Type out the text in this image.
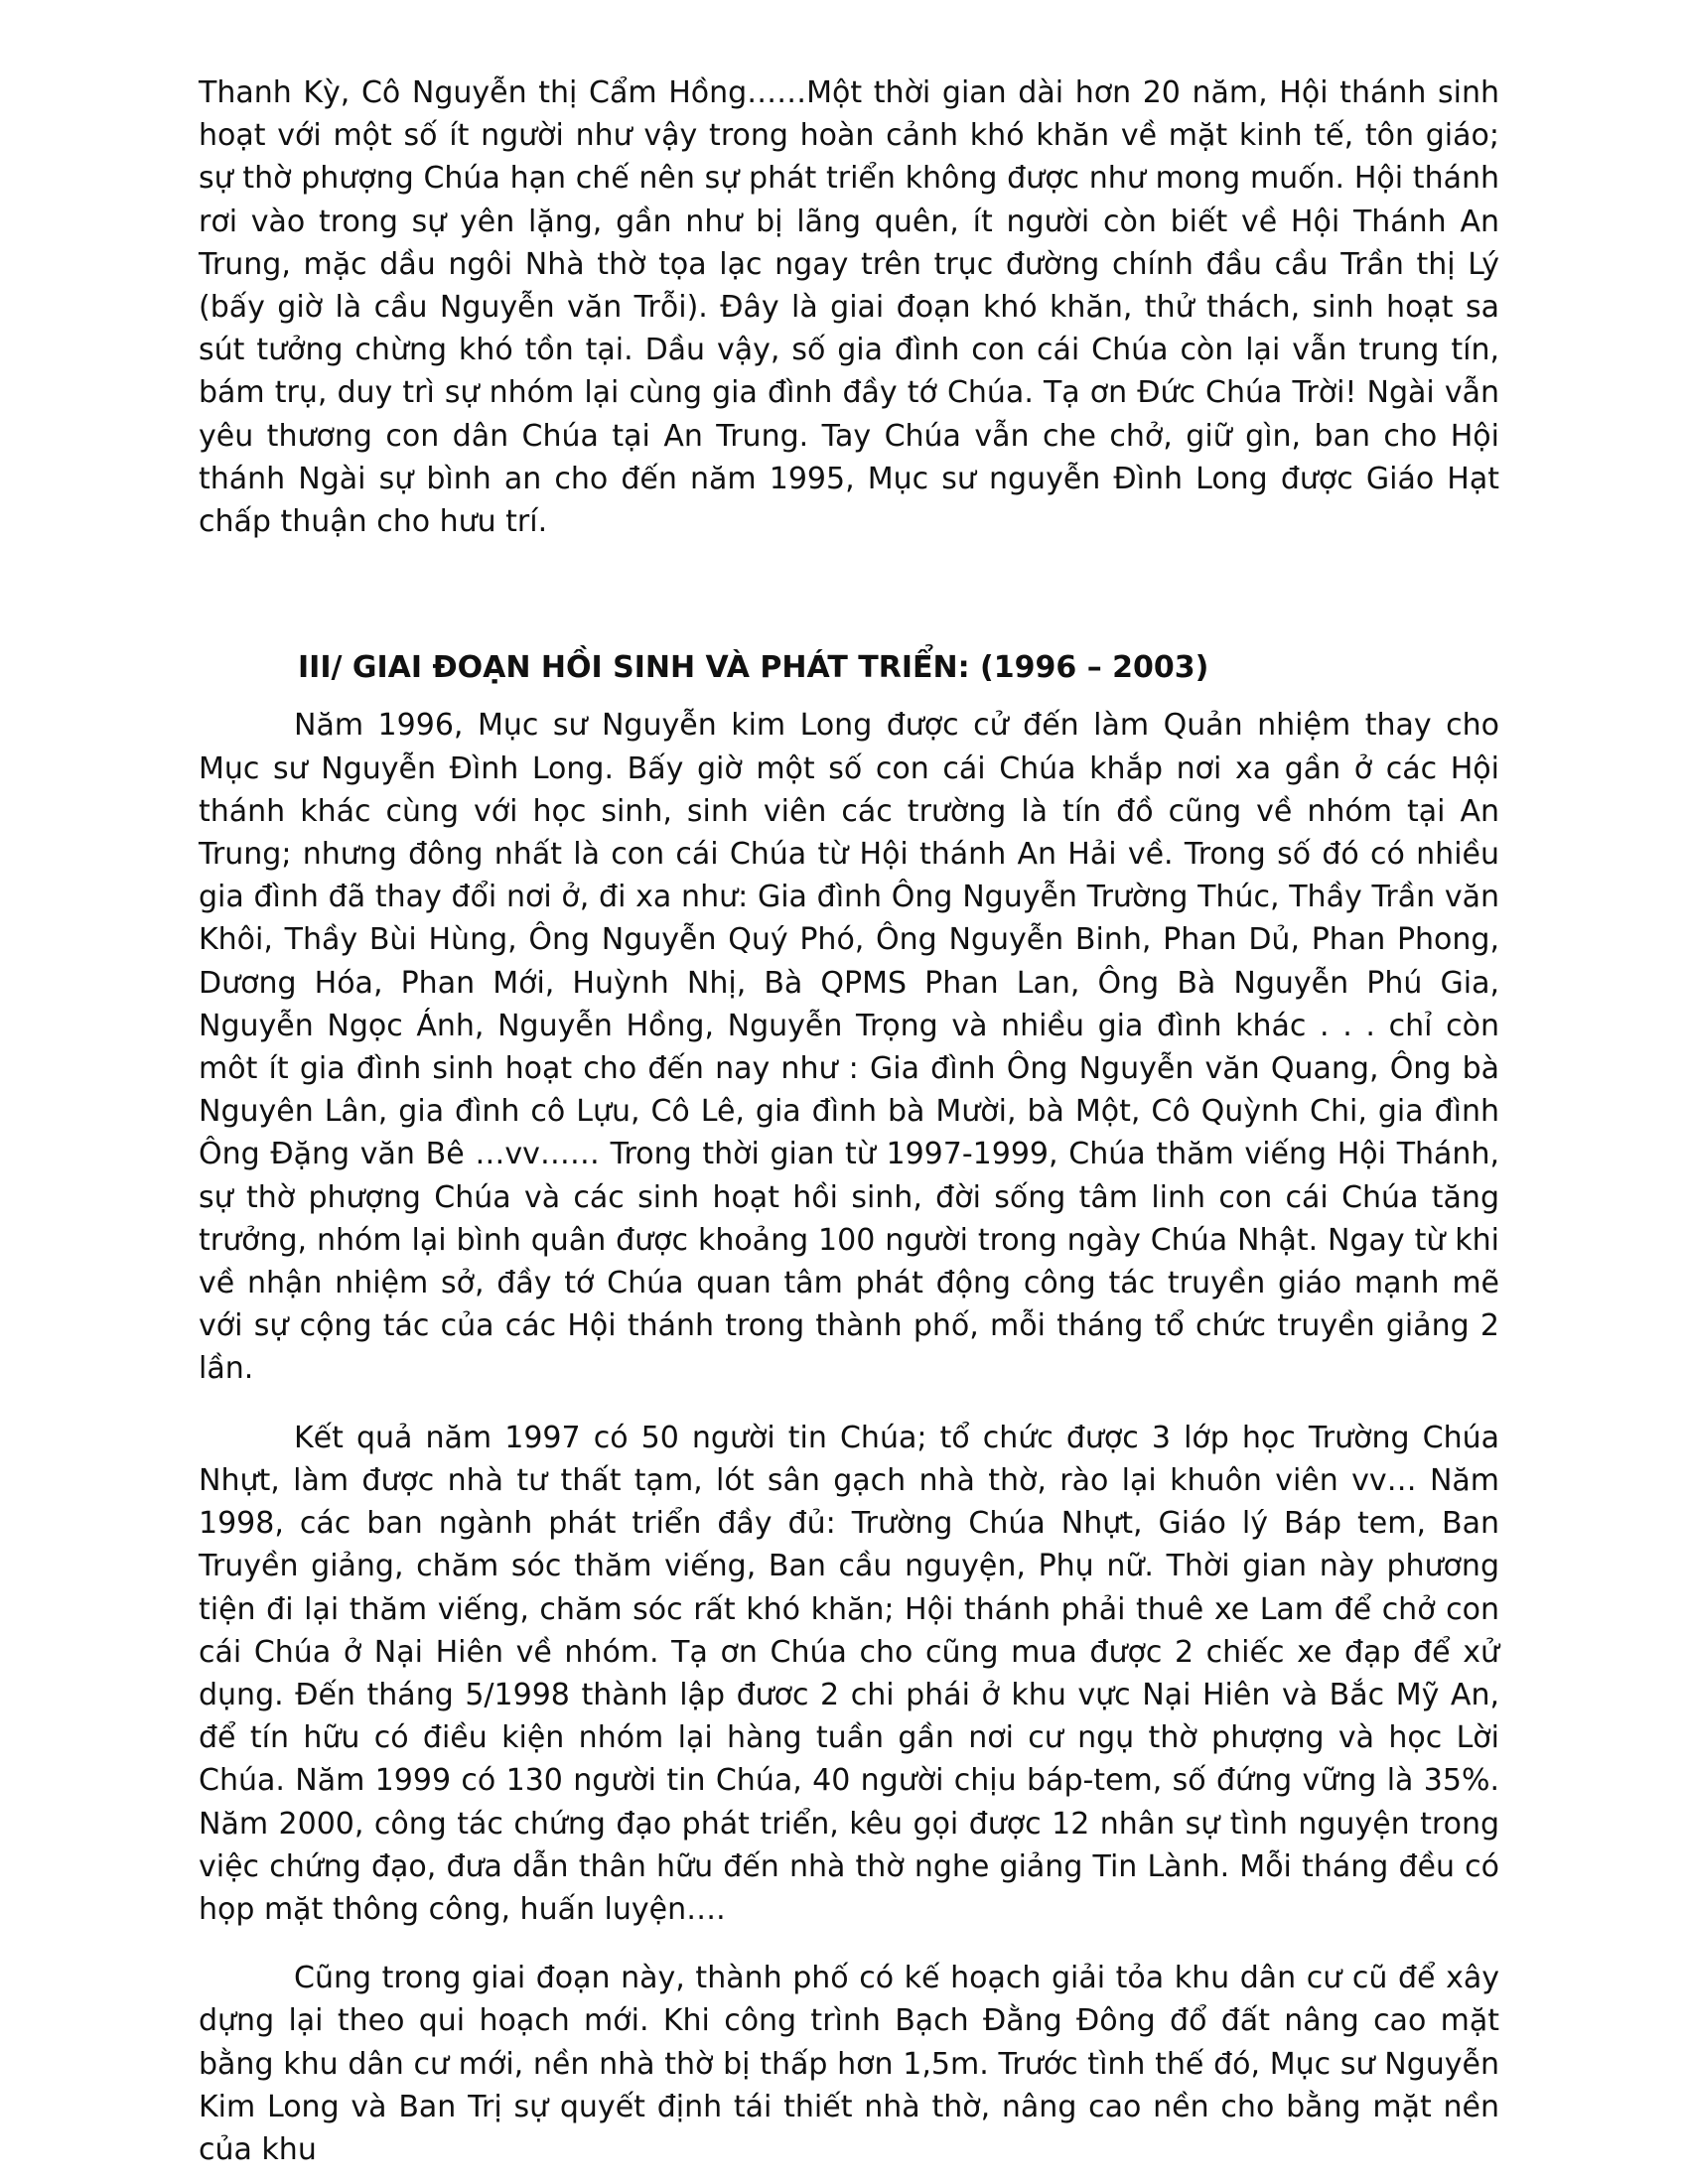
Thanh Kỳ, Cô Nguyễn thị Cẩm Hồng……Một thời gian dài hơn 20 năm, Hội thánh sinh hoạt với một số ít người như vậy trong hoàn cảnh khó khăn về mặt kinh tế, tôn giáo; sự thờ phượng Chúa hạn chế nên sự phát triển không được như mong muốn. Hội thánh rơi vào trong sự yên lặng, gần như bị lãng quên, ít người còn biết về Hội Thánh An Trung, mặc dầu ngôi Nhà thờ tọa lạc ngay trên trục đường chính đầu cầu Trần thị Lý (bấy giờ là cầu Nguyễn văn Trỗi). Đây là giai đoạn khó khăn, thử thách, sinh hoạt sa sút tưởng chừng khó tồn tại. Dầu vậy, số gia đình con cái Chúa còn lại vẫn trung tín, bám trụ, duy trì sự nhóm lại cùng gia đình đầy tớ Chúa. Tạ ơn Đức Chúa Trời! Ngài vẫn yêu thương con dân Chúa tại An Trung. Tay Chúa vẫn che chở, giữ gìn, ban cho Hội thánh Ngài sự bình an cho đến năm 1995, Mục sư nguyễn Đình Long được Giáo Hạt chấp thuận cho hưu trí.

III/ GIAI ĐOẠN HỒI SINH VÀ PHÁT TRIỂN: (1996 – 2003)

Năm 1996, Mục sư Nguyễn kim Long được cử đến làm Quản nhiệm thay cho Mục sư Nguyễn Đình Long. Bấy giờ một số con cái Chúa khắp nơi xa gần ở các Hội thánh khác cùng với học sinh, sinh viên các trường là tín đồ cũng về nhóm tại An Trung; nhưng đông nhất là con cái Chúa từ Hội thánh An Hải về. Trong số đó có nhiều gia đình đã thay đổi nơi ở, đi xa như: Gia đình Ông Nguyễn Trường Thúc, Thầy Trần văn Khôi, Thầy Bùi Hùng, Ông Nguyễn Quý Phó, Ông Nguyễn Binh, Phan Dủ, Phan Phong, Dương Hóa, Phan Mới, Huỳnh Nhị, Bà QPMS Phan Lan, Ông Bà Nguyễn Phú Gia, Nguyễn Ngọc Ánh, Nguyễn Hồng, Nguyễn Trọng và nhiều gia đình khác . . . chỉ còn môt ít gia đình sinh hoạt cho đến nay như : Gia đình Ông Nguyễn văn Quang, Ông bà Nguyên Lân, gia đình cô Lựu, Cô Lê, gia đình bà Mười, bà Một, Cô Quỳnh Chi, gia đình Ông Đặng văn Bê …vv…… Trong thời gian từ 1997-1999, Chúa thăm viếng Hội Thánh, sự thờ phượng Chúa và các sinh hoạt hồi sinh, đời sống tâm linh con cái Chúa tăng trưởng, nhóm lại bình quân được khoảng 100 người trong ngày Chúa Nhật. Ngay từ khi về nhận nhiệm sở, đầy tớ Chúa quan tâm phát động công tác truyền giáo mạnh mẽ với sự cộng tác của các Hội thánh trong thành phố, mỗi tháng tổ chức truyền giảng 2 lần.

Kết quả năm 1997 có 50 người tin Chúa; tổ chức được 3 lớp học Trường Chúa Nhựt, làm được nhà tư thất tạm, lót sân gạch nhà thờ, rào lại khuôn viên vv… Năm 1998, các ban ngành phát triển đầy đủ: Trường Chúa Nhựt, Giáo lý Báp tem, Ban Truyền giảng, chăm sóc thăm viếng, Ban cầu nguyện, Phụ nữ. Thời gian này phương tiện đi lại thăm viếng, chăm sóc rất khó khăn; Hội thánh phải thuê xe Lam để chở con cái Chúa ở Nại Hiên về nhóm. Tạ ơn Chúa cho cũng mua được 2 chiếc xe đạp để xử dụng. Đến tháng 5/1998 thành lập đươc 2 chi phái ở khu vực Nại Hiên và Bắc Mỹ An, để tín hữu có điều kiện nhóm lại hàng tuần gần nơi cư ngụ thờ phượng và học Lời Chúa. Năm 1999 có 130 người tin Chúa, 40 người chịu báp-tem, số đứng vững là 35%. Năm 2000, công tác chứng đạo phát triển, kêu gọi được 12 nhân sự tình nguyện trong việc chứng đạo, đưa dẫn thân hữu đến nhà thờ nghe giảng Tin Lành. Mỗi tháng đều có họp mặt thông công, huấn luyện….

Cũng trong giai đoạn này, thành phố có kế hoạch giải tỏa khu dân cư cũ để xây dựng lại theo qui hoạch mới. Khi công trình Bạch Đằng Đông đổ đất nâng cao mặt bằng khu dân cư mới, nền nhà thờ bị thấp hơn 1,5m. Trước tình thế đó, Mục sư Nguyễn Kim Long và Ban Trị sự quyết định tái thiết nhà thờ, nâng cao nền cho bằng mặt nền của khu
